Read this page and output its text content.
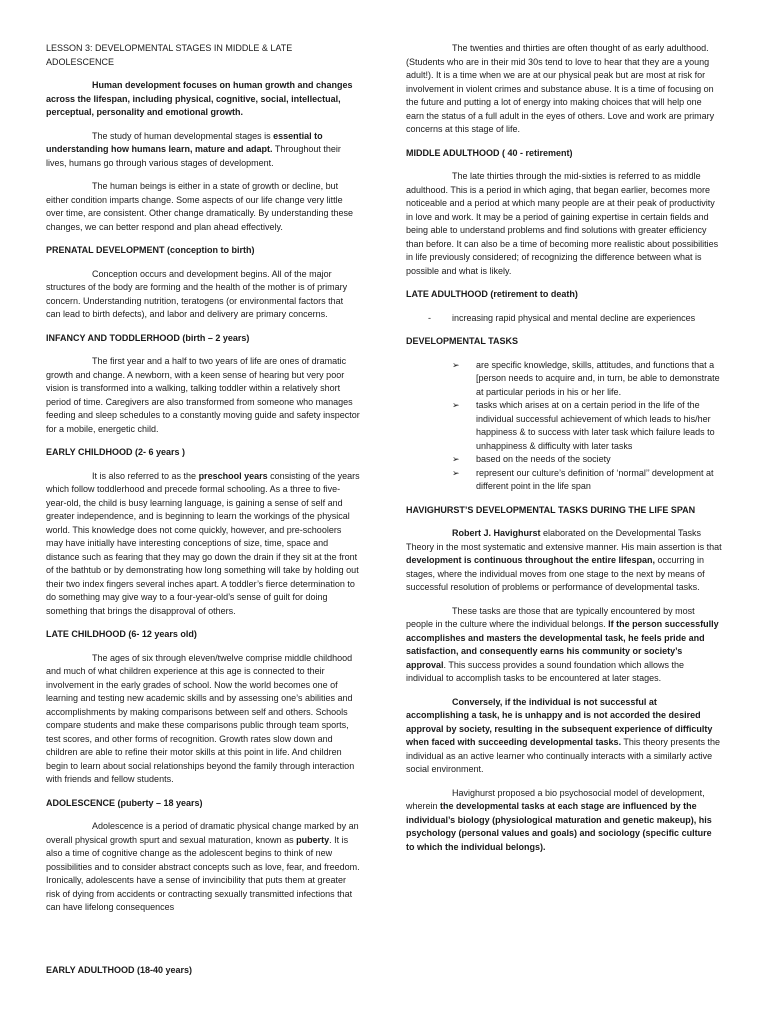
LESSON 3: DEVELOPMENTAL STAGES IN MIDDLE & LATE ADOLESCENCE

Human development focuses on human growth and changes across the lifespan, including physical, cognitive, social, intellectual, perceptual, personality and emotional growth.

The study of human developmental stages is essential to understanding how humans learn, mature and adapt. Throughout their lives, humans go through various stages of development.

The human beings is either in a state of growth or decline, but either condition imparts change. Some aspects of our life change very little over time, are consistent. Other change dramatically. By understanding these changes, we can better respond and plan ahead effectively.

PRENATAL DEVELOPMENT (conception to birth)

Conception occurs and development begins. All of the major structures of the body are forming and the health of the mother is of primary concern. Understanding nutrition, teratogens (or environmental factors that can lead to birth defects), and labor and delivery are primary concerns.

INFANCY AND TODDLERHOOD (birth – 2 years)

The first year and a half to two years of life are ones of dramatic growth and change. A newborn, with a keen sense of hearing but very poor vision is transformed into a walking, talking toddler within a relatively short period of time. Caregivers are also transformed from someone who manages feeding and sleep schedules to a constantly moving guide and safety inspector for a mobile, energetic child.

EARLY CHILDHOOD (2- 6 years )

It is also referred to as the preschool years consisting of the years which follow toddlerhood and precede formal schooling. As a three to five-year-old, the child is busy learning language, is gaining a sense of self and greater independence, and is beginning to learn the workings of the physical world. This knowledge does not come quickly, however, and pre-schoolers may have initially have interesting conceptions of size, time, space and distance such as fearing that they may go down the drain if they sit at the front of the bathtub or by demonstrating how long something will take by holding out their two index fingers several inches apart. A toddler’s fierce determination to do something may give way to a four-year-old’s sense of guilt for doing something that brings the disapproval of others.

LATE CHILDHOOD (6- 12 years old)

The ages of six through eleven/twelve comprise middle childhood and much of what children experience at this age is connected to their involvement in the early grades of school. Now the world becomes one of learning and testing new academic skills and by assessing one’s abilities and accomplishments by making comparisons between self and others. Schools compare students and make these comparisons public through team sports, test scores, and other forms of recognition. Growth rates slow down and children are able to refine their motor skills at this point in life. And children begin to learn about social relationships beyond the family through interaction with friends and fellow students.

ADOLESCENCE (puberty – 18 years)

Adolescence is a period of dramatic physical change marked by an overall physical growth spurt and sexual maturation, known as puberty. It is also a time of cognitive change as the adolescent begins to think of new possibilities and to consider abstract concepts such as love, fear, and freedom. Ironically, adolescents have a sense of invincibility that puts them at greater risk of dying from accidents or contracting sexually transmitted infections that can have lifelong consequences

EARLY ADULTHOOD (18-40 years)

The twenties and thirties are often thought of as early adulthood. (Students who are in their mid 30s tend to love to hear that they are a young adult!). It is a time when we are at our physical peak but are most at risk for involvement in violent crimes and substance abuse. It is a time of focusing on the future and putting a lot of energy into making choices that will help one earn the status of a full adult in the eyes of others. Love and work are primary concerns at this stage of life.

MIDDLE ADULTHOOD ( 40 - retirement)

The late thirties through the mid-sixties is referred to as middle adulthood. This is a period in which aging, that began earlier, becomes more noticeable and a period at which many people are at their peak of productivity in love and work. It may be a period of gaining expertise in certain fields and being able to understand problems and find solutions with greater efficiency than before. It can also be a time of becoming more realistic about possibilities in life previously considered; of recognizing the difference between what is possible and what is likely.

LATE ADULTHOOD (retirement to death)

- increasing rapid physical and mental decline are experiences

DEVELOPMENTAL TASKS

➢ are specific knowledge, skills, attitudes, and functions that a [person needs to acquire and, in turn, be able to demonstrate at particular periods in his or her life.
➢ tasks which arises at on a certain period in the life of the individual successful achievement of which leads to his/her happiness & to success with later task which failure leads to unhappiness & difficulty with later tasks
➢ based on the needs of the society
➢ represent our culture’s definition of ‘normal’’ development at different point in the life span

HAVIGHURST’S DEVELOPMENTAL TASKS DURING THE LIFE SPAN

Robert J. Havighurst elaborated on the Developmental Tasks Theory in the most systematic and extensive manner. His main assertion is that development is continuous throughout the entire lifespan, occurring in stages, where the individual moves from one stage to the next by means of successful resolution of problems or performance of developmental tasks.

These tasks are those that are typically encountered by most people in the culture where the individual belongs. If the person successfully accomplishes and masters the developmental task, he feels pride and satisfaction, and consequently earns his community or society’s approval. This success provides a sound foundation which allows the individual to accomplish tasks to be encountered at later stages.

Conversely, if the individual is not successful at accomplishing a task, he is unhappy and is not accorded the desired approval by society, resulting in the subsequent experience of difficulty when faced with succeeding developmental tasks. This theory presents the individual as an active learner who continually interacts with a similarly active social environment.

Havighurst proposed a bio psychosocial model of development, wherein the developmental tasks at each stage are influenced by the individual’s biology (physiological maturation and genetic makeup), his psychology (personal values and goals) and sociology (specific culture to which the individual belongs).
